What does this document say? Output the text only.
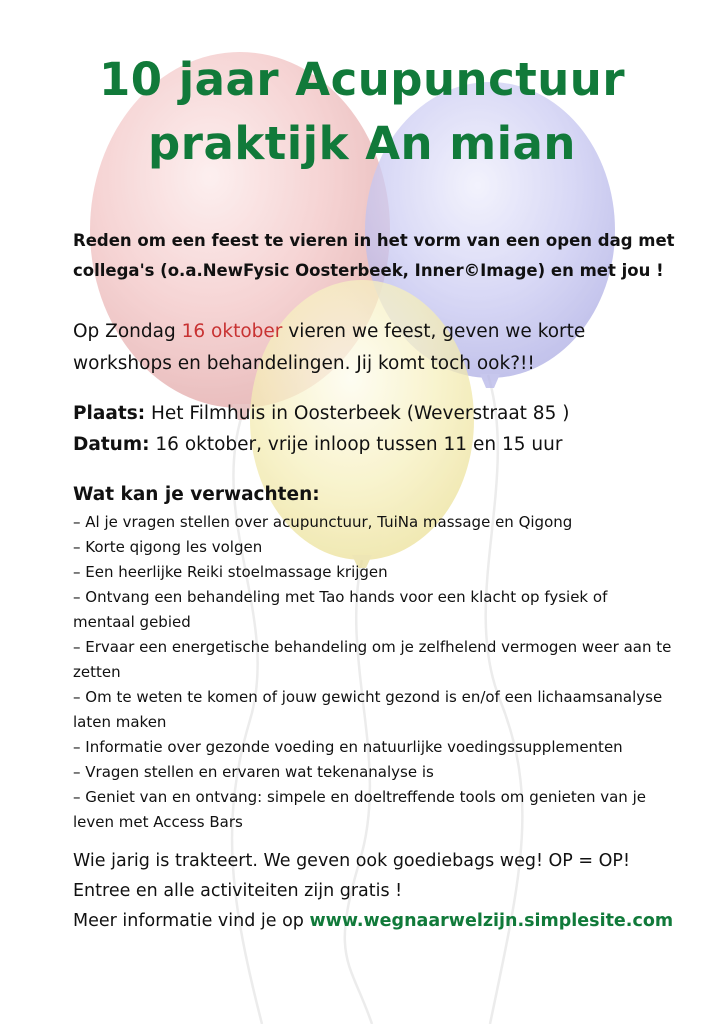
10 jaar Acupunctuur
praktijk An mian
Reden om een feest te vieren in het vorm van een open dag met collega's (o.a.NewFysic Oosterbeek, Inner©Image) en met jou !
Op Zondag 16 oktober vieren we feest, geven we korte workshops en behandelingen. Jij komt toch ook?!!
Plaats: Het Filmhuis in Oosterbeek (Weverstraat 85 )
Datum: 16 oktober, vrije inloop tussen 11 en 15 uur
Wat kan je verwachten:
– Al je vragen stellen over acupunctuur, TuiNa massage en Qigong
– Korte qigong les volgen
– Een heerlijke Reiki stoelmassage krijgen
– Ontvang een behandeling met Tao hands voor een klacht op fysiek of mentaal gebied
– Ervaar een energetische behandeling om je zelfhelend vermogen weer aan te zetten
– Om te weten te komen of jouw gewicht gezond is en/of een lichaamsanalyse laten maken
– Informatie over gezonde voeding en natuurlijke voedingssupplementen
– Vragen stellen en ervaren wat tekenanalyse is
– Geniet van en ontvang: simpele en doeltreffende tools om genieten van je leven met Access Bars
Wie jarig is trakteert. We geven ook goediebags weg! OP = OP!
Entree en alle activiteiten zijn gratis !
Meer informatie vind je op www.wegnaarwelzijn.simplesite.com
